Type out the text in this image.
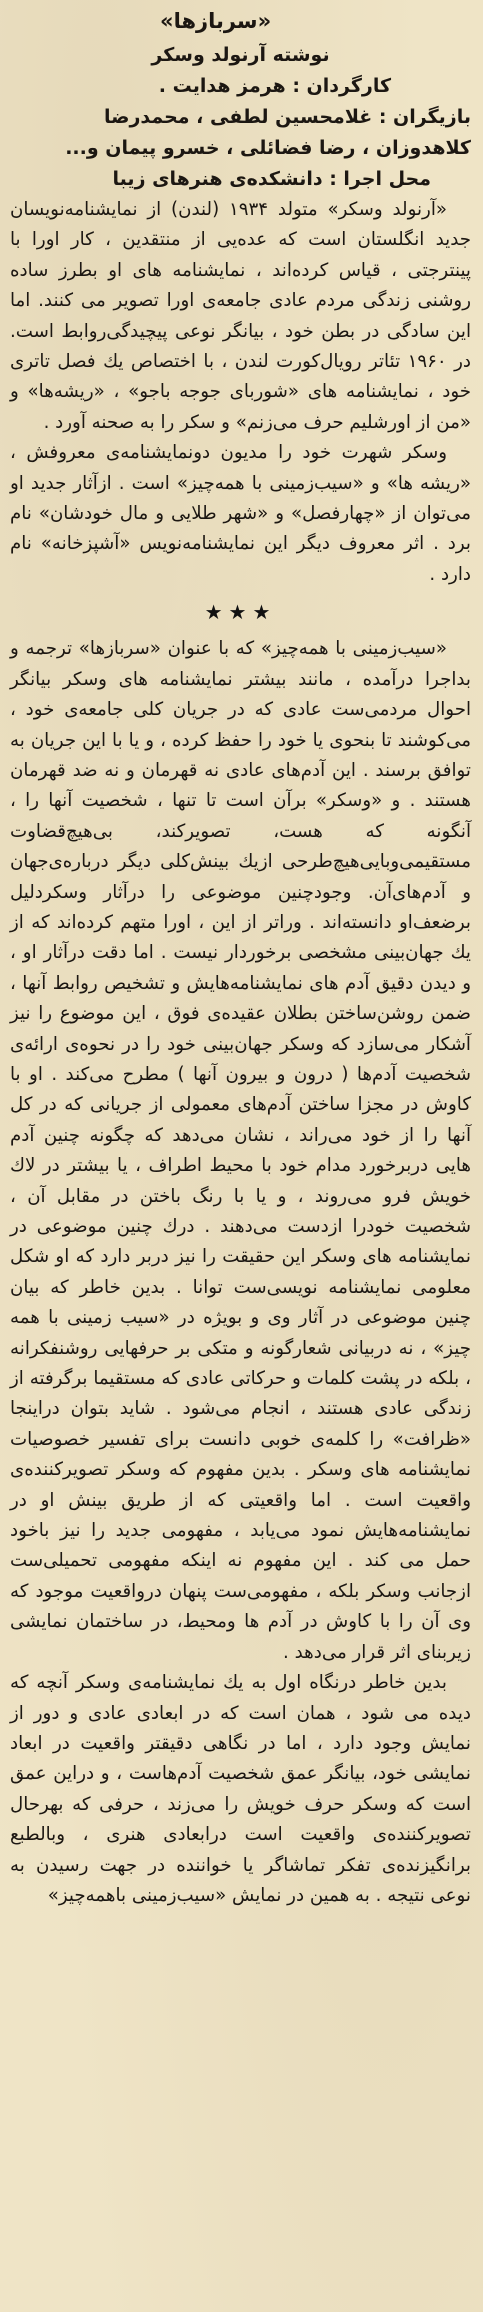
«سربازها»
نوشته آرنولد وسکر
کارگردان : هرمز هدایت .
بازیگران : غلامحسین لطفی ، محمدرضا
کلاهدوزان ، رضا فضائلی ، خسرو پیمان و...
محل اجرا : دانشکده‌ی هنرهای زیبا

«آرنولد وسکر» متولد ۱۹۳۴ (لندن) از نمایشنامه‌نویسان جدید انگلستان است که عده‌یی از منتقدین ، کار اورا با پینترجتی ، قیاس کرده‌اند ، نمایشنامه های او بطرز ساده روشنی زندگی مردم عادی جامعه‌ی اورا تصویر می کنند. اما این سادگی در بطن خود ، بیانگر نوعی پیچیدگی‌روابط است. در ۱۹۶۰ تئاتر رویال‌کورت لندن ، با اختصاص یك فصل تاتری خود ، نمایشنامه های «شوربای جوجه باجو» ، «ریشه‌ها» و «من از اورشلیم حرف می‌زنم» و سکر را به صحنه آورد .

وسکر شهرت خود را مدیون دونمایشنامه‌ی معروفش ، «ریشه ها» و «سیب‌زمینی با همه‌چیز» است . ازآثار جدید او می‌توان از «چهارفصل» و «شهر طلایی و مال خودشان» نام برد . اثر معروف دیگر این نمایشنامه‌نویس «آشپزخانه» نام دارد .

★★★

«سیب‌زمینی با همه‌چیز» که با عنوان «سربازها» ترجمه و بداجرا درآمده ، مانند بیشتر نمایشنامه های وسکر بیانگر احوال مردمی‌ست عادی که در جریان کلی جامعه‌ی خود ، می‌کوشند تا بنحوی یا خود را حفظ کرده ، و یا با این جریان به توافق برسند . این آدم‌های عادی نه قهرمان و نه ضد قهرمان هستند . و «وسکر» برآن است تا تنها ، شخصیت آنها را ، آنگونه که هست، تصویرکند، بی‌هیچ‌قضاوت مستقیمی‌وبایی‌هیچ‌طرحی ازیك بینش‌کلی دیگر درباره‌ی‌جهان و آدم‌های‌آن. وجودچنین موضوعی را درآثار وسکردلیل برضعف‌او دانسته‌اند . وراتر از این ، اورا متهم کرده‌اند که از یك جهان‌بینی مشخصی برخوردار نیست . اما دقت درآثار او ، و دیدن دقیق آدم های نمایشنامه‌هایش و تشخیص روابط آنها ، ضمن روشن‌ساختن بطلان عقیده‌ی فوق ، این موضوع را نیز آشکار می‌سازد که وسکر جهان‌بینی خود را در نحوه‌ی ارائه‌ی شخصیت آدم‌ها ( درون و بیرون آنها ) مطرح می‌کند . او با کاوش در مجزا ساختن آدم‌های معمولی از جریانی که در کل آنها را از خود می‌راند ، نشان می‌دهد که چگونه چنین آدم هایی دربرخورد مدام خود با محیط اطراف ، یا بیشتر در لاك خویش فرو می‌روند ، و یا با رنگ باختن در مقابل آن ، شخصیت خودرا ازدست می‌دهند . درك چنین موضوعی در نمایشنامه های وسکر این حقیقت را نیز دربر دارد که او شکل معلومی نمایشنامه نویسی‌ست توانا . بدین خاطر که بیان چنین موضوعی در آثار وی و بویژه در «سیب زمینی با همه چیز» ، نه دربیانی شعارگونه و متکی بر حرفهایی روشنفکرانه ، بلکه در پشت کلمات و حرکاتی عادی که مستقیما برگرفته از زندگی عادی هستند ، انجام می‌شود . شاید بتوان دراینجا «ظرافت» را کلمه‌ی خوبی دانست برای تفسیر خصوصیات نمایشنامه های وسکر . بدین مفهوم که وسکر تصویرکننده‌ی واقعیت است . اما واقعیتی که از طریق بینش او در نمایشنامه‌هایش نمود می‌یابد ، مفهومی جدید را نیز باخود حمل می کند . این مفهوم نه اینکه مفهومی تحمیلی‌ست ازجانب وسکر بلکه ، مفهومی‌ست پنهان درواقعیت موجود که وی آن را با کاوش در آدم ها ومحیط، در ساختمان نمایشی زیربنای اثر قرار می‌دهد .

بدین خاطر درنگاه اول به یك نمایشنامه‌ی وسکر آنچه که دیده می شود ، همان است که در ابعادی عادی و دور از نمایش وجود دارد ، اما در نگاهی دقیقتر واقعیت در ابعاد نمایشی خود، بیانگر عمق شخصیت آدم‌هاست ، و دراین عمق است که وسکر حرف خویش را می‌زند ، حرفی که بهرحال تصویرکننده‌ی واقعیت است درابعادی هنری ، وبالطبع برانگیزنده‌ی تفکر تماشاگر یا خواننده در جهت رسیدن به نوعی نتیجه . به همین در نمایش «سیب‌زمینی باهمه‌چیز»
